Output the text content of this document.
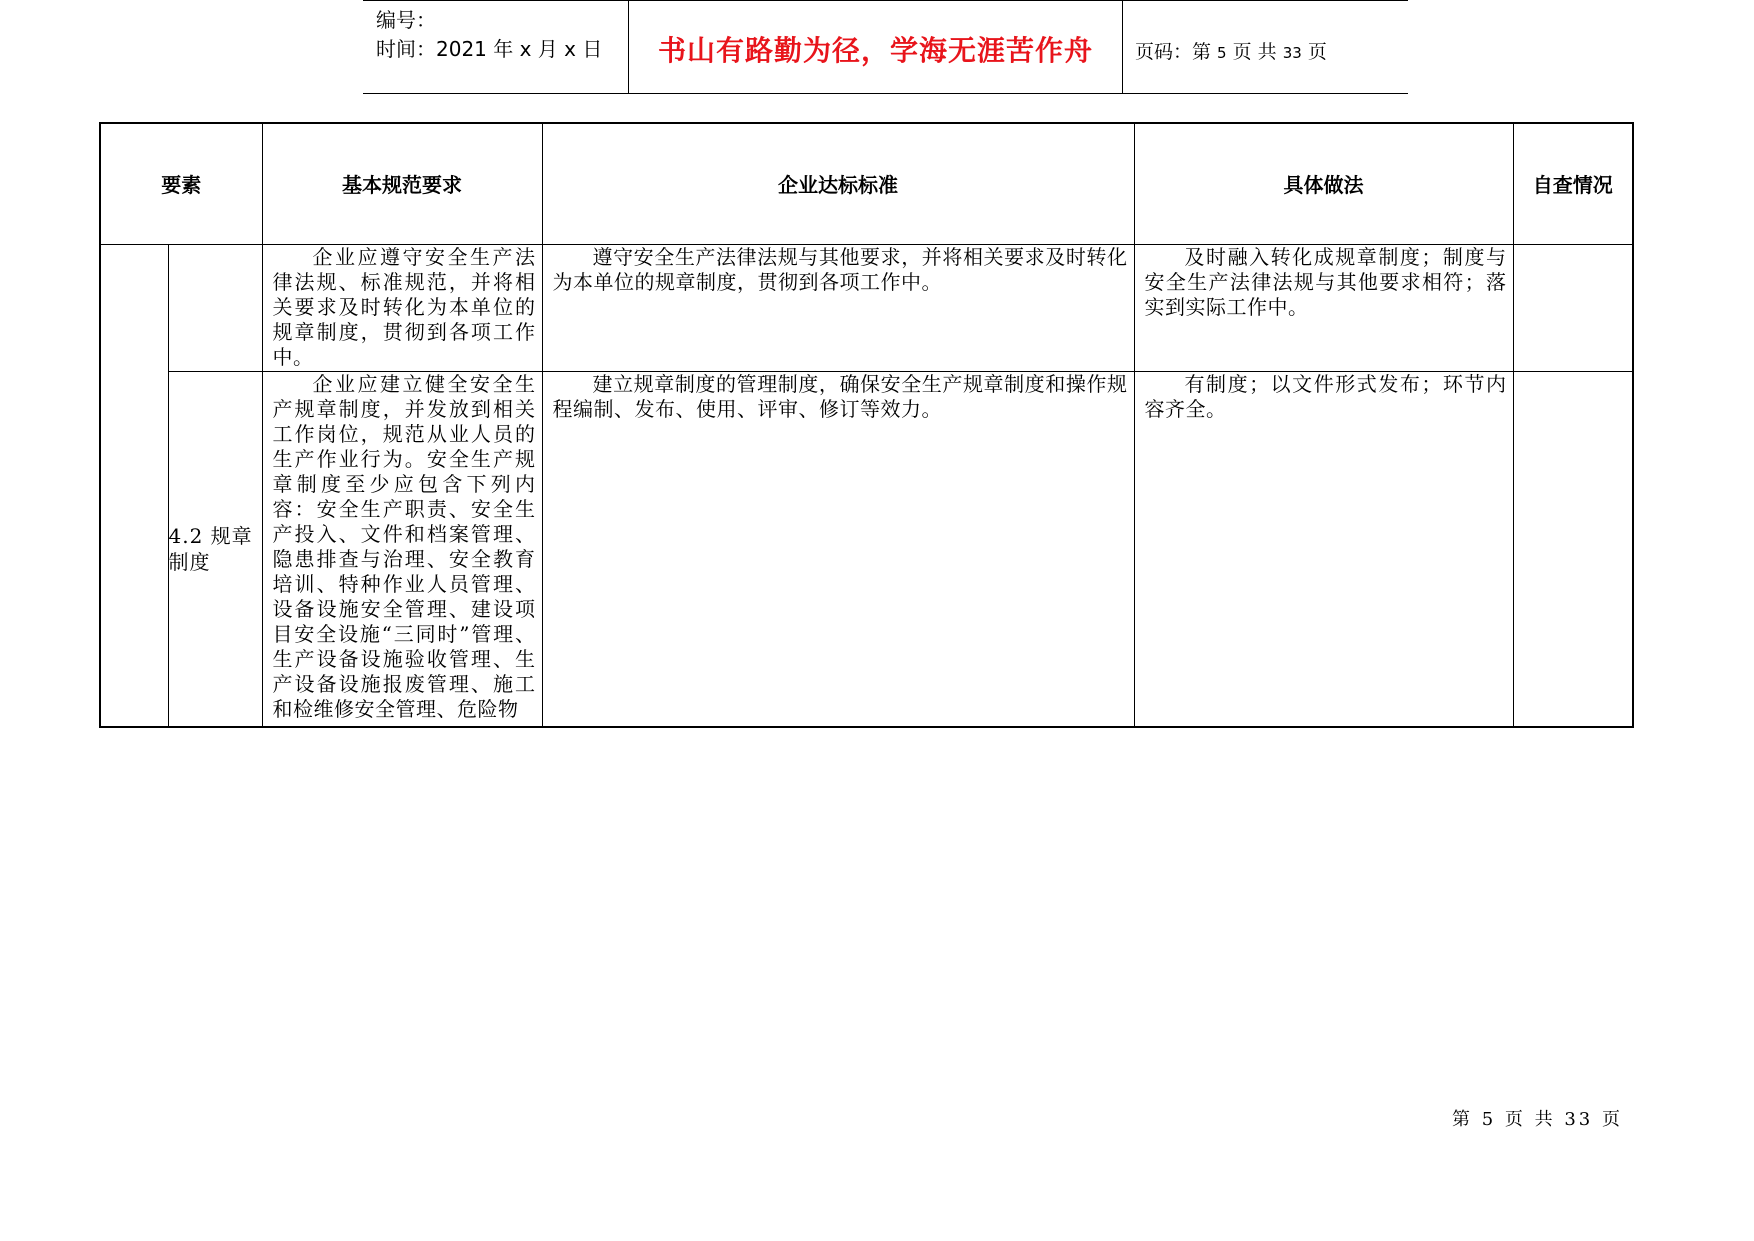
编号：
时间：2021 年 x 月 x 日	书山有路勤为径，学海无涯苦作舟	页码：第 5 页 共 33 页
要素		基本规范要求	企业达标标准	具体做法	自查情况

		企业应遵守安全生产法律法规、标准规范，并将相关要求及时转化为本单位的规章制度，贯彻到各项工作中。	遵守安全生产法律法规与其他要求，并将相关要求及时转化为本单位的规章制度，贯彻到各项工作中。	及时融入转化成规章制度；制度与安全生产法律法规与其他要求相符；落实到实际工作中。	

	4.2 规章制度	企业应建立健全安全生产规章制度，并发放到相关工作岗位，规范从业人员的生产作业行为。安全生产规章制度至少应包含下列内容：安全生产职责、安全生产投入、文件和档案管理、隐患排查与治理、安全教育培训、特种作业人员管理、设备设施安全管理、建设项目安全设施“三同时”管理、生产设备设施验收管理、生产设备设施报废管理、施工和检维修安全管理、危险物	建立规章制度的管理制度，确保安全生产规章制度和操作规程编制、发布、使用、评审、修订等效力。	有制度；以文件形式发布；环节内容齐全。	

第 5 页 共 33 页
